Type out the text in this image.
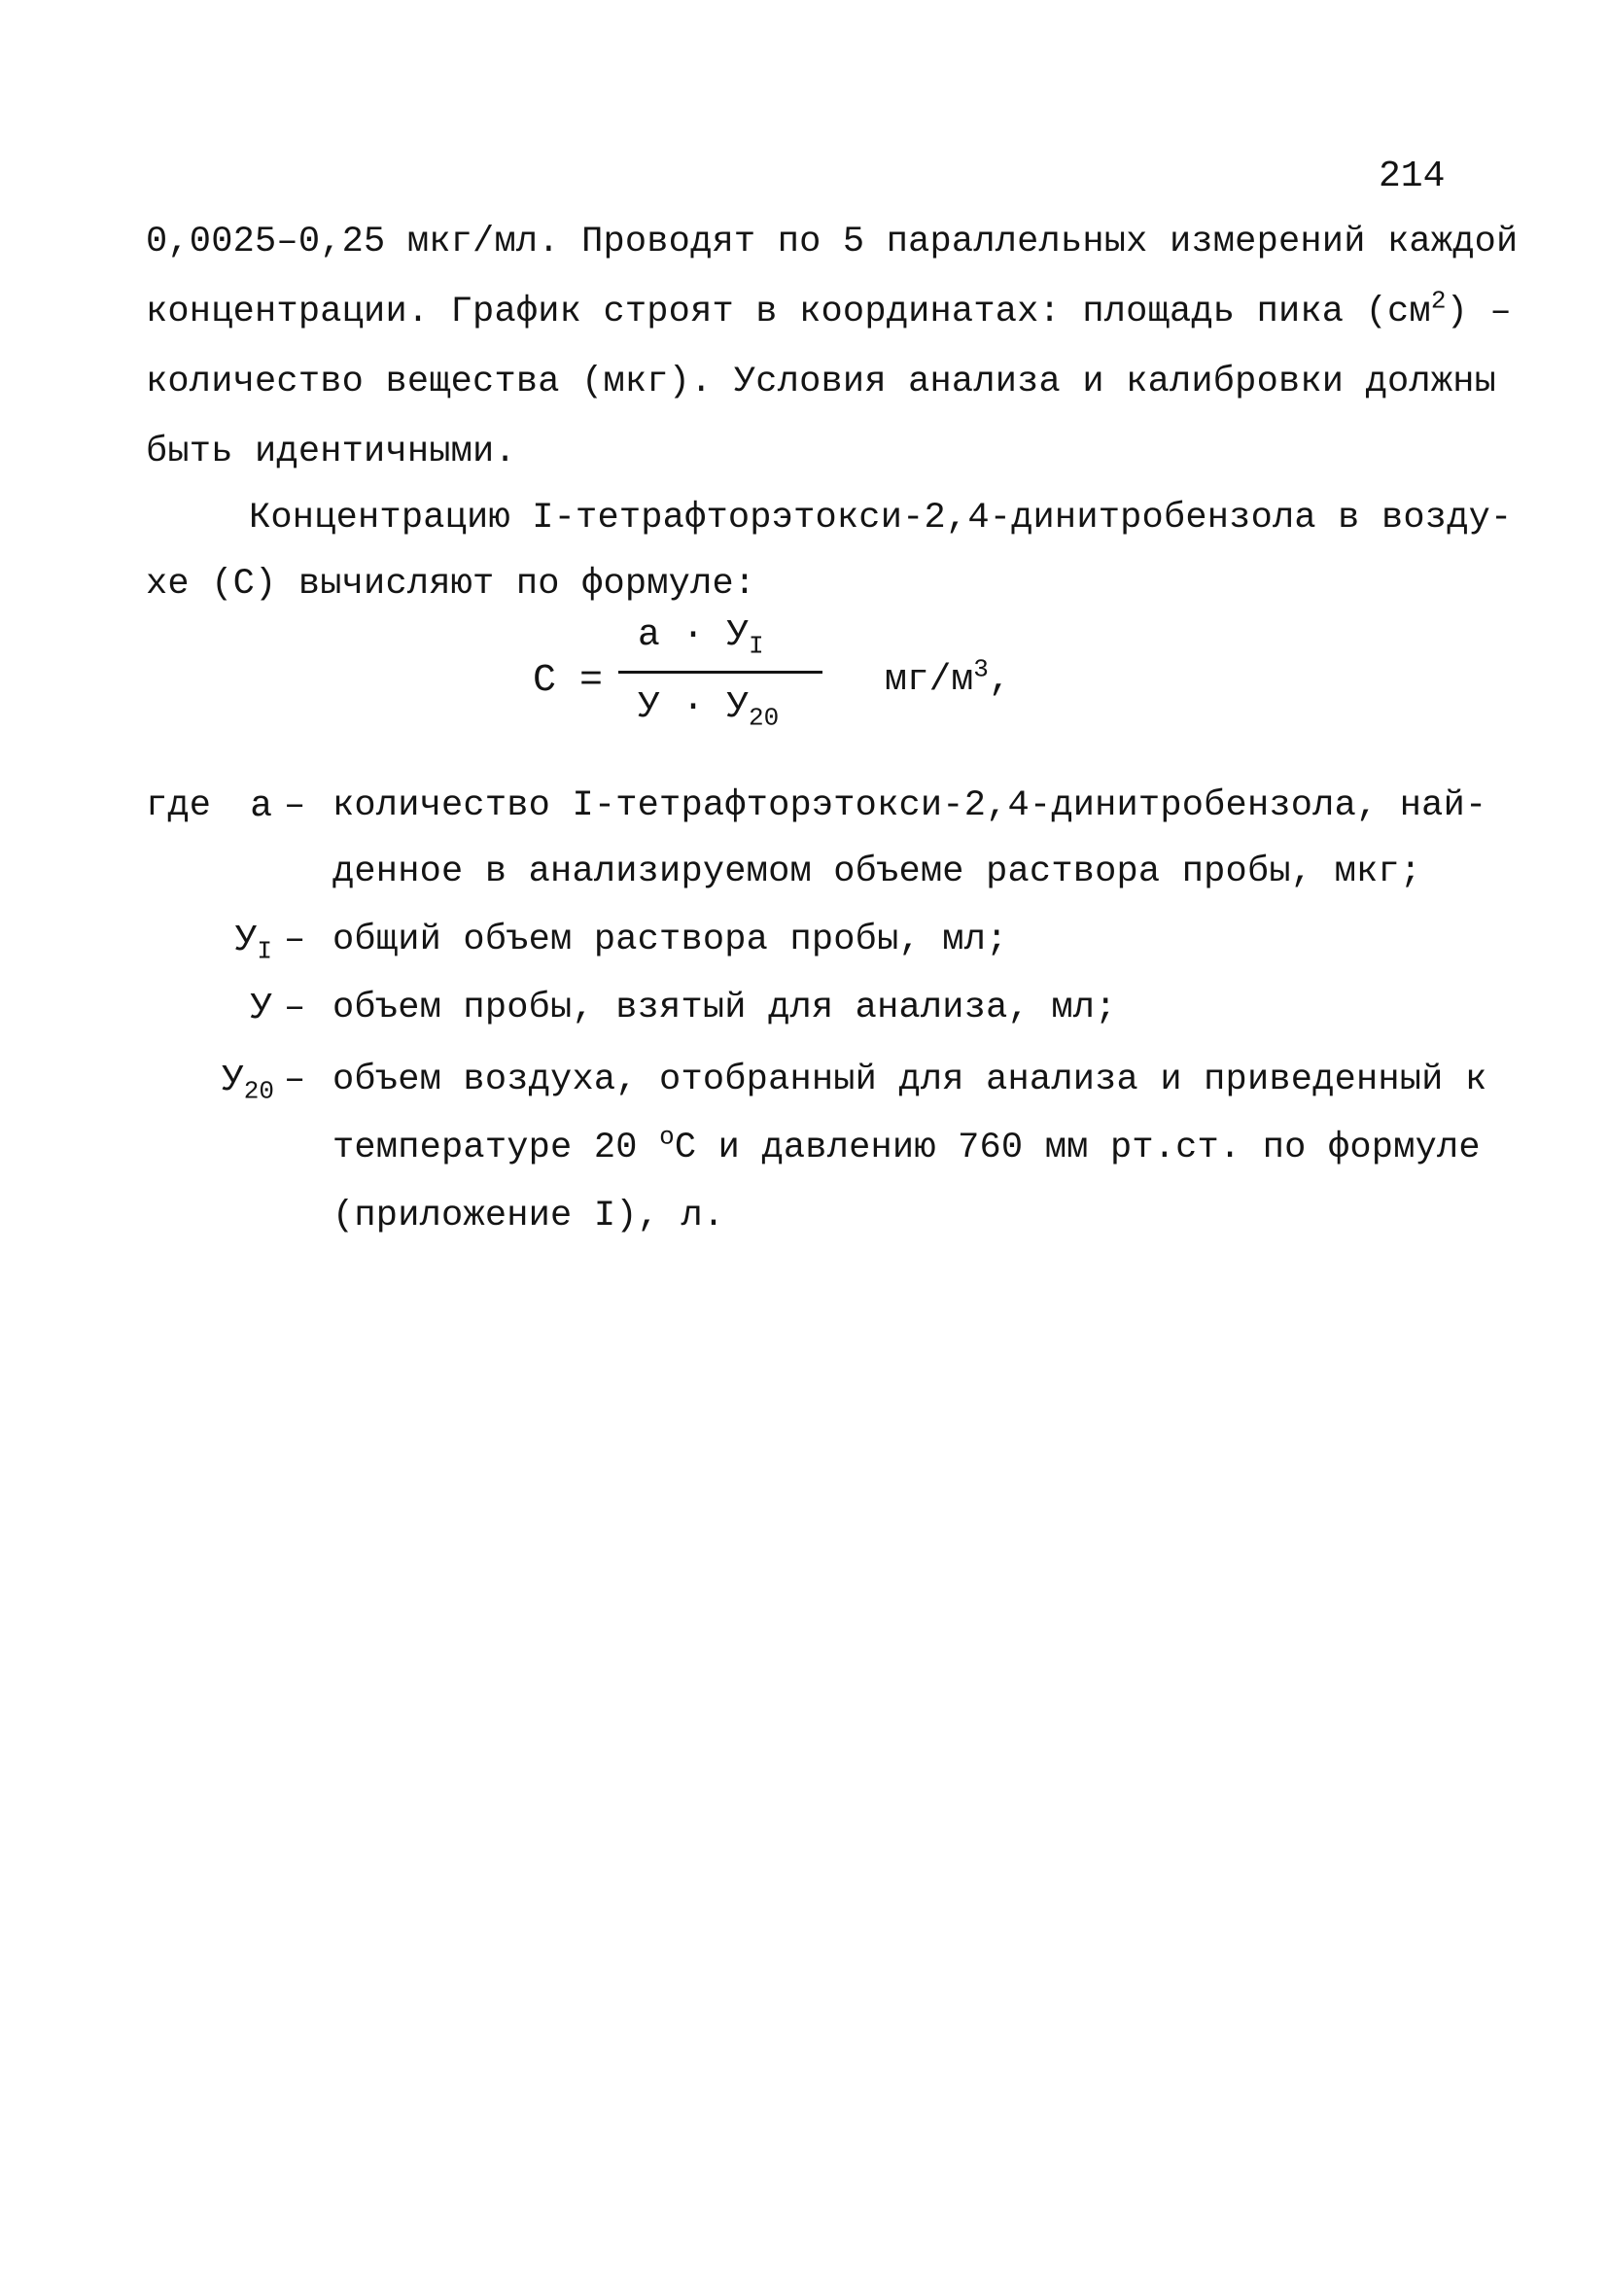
214
0,0025–0,25 мкг/мл. Проводят по 5 параллельных измерений каждой
концентрации. График строят в координатах: площадь пика $(см^2)$ –
количество вещества (мкг). Условия анализа и калибровки должны
быть идентичными.
Концентрацию I-тетрафторэтокси-2,4-динитробензола в возду-
хе (С) вычисляют по формуле:
С =
$а \cdot У_I$
$У \cdot У_{20}$
$мг/м^3$,
где	а – количество I-тетрафторэтокси-2,4-динитробензола, най-
денное в анализируемом объеме раствора пробы, мкг;
$У_I$ – общий объем раствора пробы, мл;
У – объем пробы, взятый для анализа, мл;
$У_{20}$ – объем воздуха, отобранный для анализа и приведенный к
температуре 20 $^о$С и давлению 760 мм рт.ст. по формуле
(приложение I), л.
